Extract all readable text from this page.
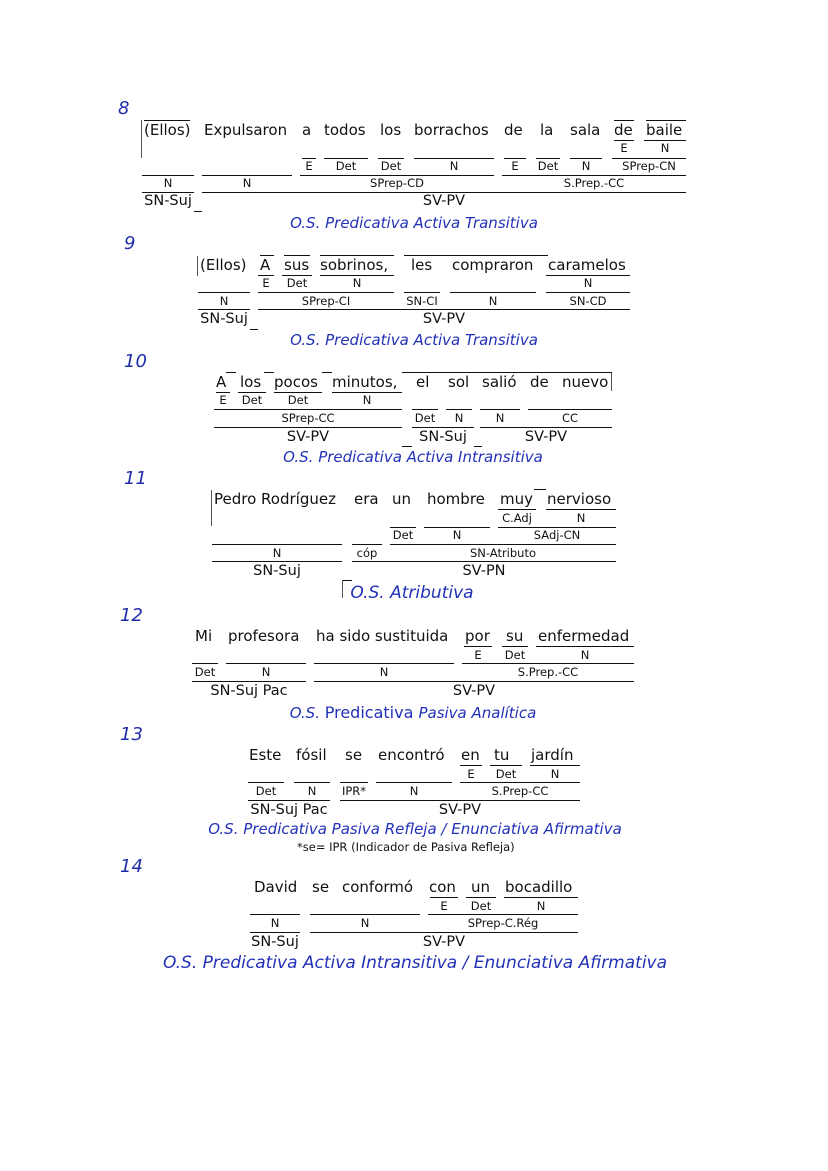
8
(Ellos) Expulsaron a todos los borrachos de la sala de baile
E	N
E	Det	Det	N	E	Det	N	SPrep-CN
N	N	SPrep-CD	S.Prep.-CC
SN-Suj	SV-PV
O.S. Predicativa Activa Transitiva
9
(Ellos) A sus sobrinos, les compraron caramelos
E	Det	N	N
N	SPrep-CI	SN-CI	N	SN-CD
SN-Suj	SV-PV
O.S. Predicativa Activa Transitiva
10
A los pocos minutos, el sol salió de nuevo
E	Det	Det	N
SPrep-CC	Det	N	N	CC
SV-PV	SN-Suj	SV-PV
O.S. Predicativa Activa Intransitiva
11
Pedro Rodríguez era un hombre muy nervioso
C.Adj	N
Det	N	SAdj-CN
N	cóp	SN-Atributo
SN-Suj	SV-PN
O.S. Atributiva
12
Mi profesora ha sido sustituida por su enfermedad
E	Det	N
Det	N	N	S.Prep.-CC
SN-Suj Pac	SV-PV
O.S. Predicativa Pasiva Analítica
13
Este fósil se encontró en tu jardín
E	Det	N
Det	N	IPR*	N	S.Prep-CC
SN-Suj Pac	SV-PV
O.S. Predicativa Pasiva Refleja / Enunciativa Afirmativa
*se= IPR (Indicador de Pasiva Refleja)
14
David se conformó con un bocadillo
E	Det	N
N	N	SPrep-C.Rég
SN-Suj	SV-PV
O.S. Predicativa Activa Intransitiva / Enunciativa Afirmativa
